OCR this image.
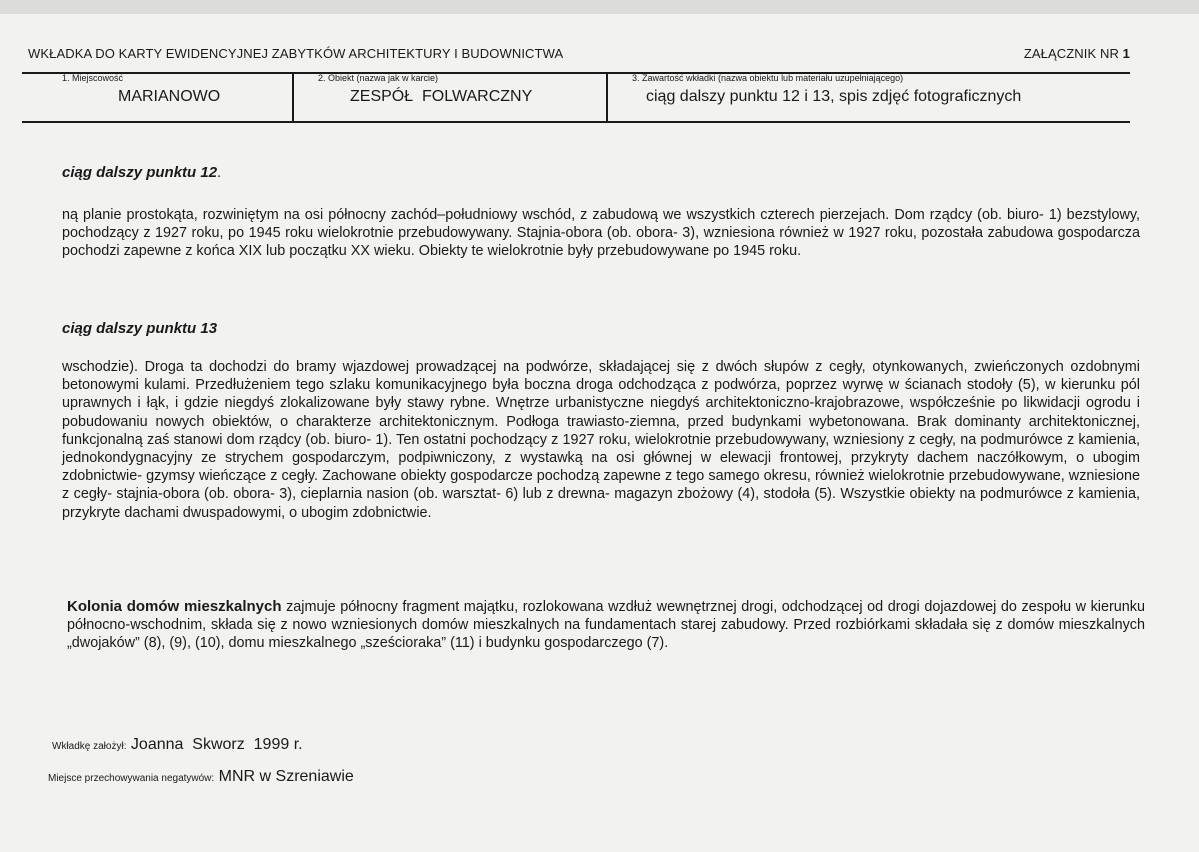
WKŁADKA DO KARTY EWIDENCYJNEJ ZABYTKÓW ARCHITEKTURY I BUDOWNICTWA	ZAŁĄCZNIK NR 1
1. Miejscowość
MARIANOWO
2. Obiekt (nazwa jak w karcie)
ZESPÓŁ  FOLWARCZNY
3. Zawartość wkładki (nazwa obiektu lub materiału uzupełniającego)
ciąg dalszy punktu 12 i 13, spis zdjęć fotograficznych
ciąg dalszy punktu 12.
ną planie prostokąta, rozwiniętym na osi północny zachód–południowy wschód, z zabudową we wszystkich czterech pierzejach. Dom rządcy (ob. biuro- 1) bezstylowy, pochodzący z 1927 roku, po 1945 roku wielokrotnie przebudowywany. Stajnia-obora (ob. obora- 3), wzniesiona również w 1927 roku, pozostała zabudowa gospodarcza pochodzi zapewne z końca XIX lub początku XX wieku. Obiekty te wielokrotnie były przebudowywane po 1945 roku.
ciąg dalszy punktu 13
wschodzie). Droga ta dochodzi do bramy wjazdowej prowadzącej na podwórze, składającej się z dwóch słupów z cegły, otynkowanych, zwieńczonych ozdobnymi betonowymi kulami. Przedłużeniem tego szlaku komunikacyjnego była boczna droga odchodząca z podwórza, poprzez wyrwę w ścianach stodoły (5), w kierunku pól uprawnych i łąk, i gdzie niegdyś zlokalizowane były stawy rybne. Wnętrze urbanistyczne niegdyś architektoniczno-krajobrazowe, współcześnie po likwidacji ogrodu i pobudowaniu nowych obiektów, o charakterze architektonicznym. Podłoga trawiasto-ziemna, przed budynkami wybetonowana. Brak dominanty architektonicznej, funkcjonalną zaś stanowi dom rządcy (ob. biuro- 1). Ten ostatni pochodzący z 1927 roku, wielokrotnie przebudowywany, wzniesiony z cegły, na podmurówce z kamienia, jednokondygnacyjny ze strychem gospodarczym, podpiwniczony, z wystawką na osi głównej w elewacji frontowej, przykryty dachem naczółkowym, o ubogim zdobnictwie- gzymsy wieńczące z cegły. Zachowane obiekty gospodarcze pochodzą zapewne z tego samego okresu, również wielokrotnie przebudowywane, wzniesione z cegły- stajnia-obora (ob. obora- 3), cieplarnia nasion (ob. warsztat- 6) lub z drewna- magazyn zbożowy (4), stodoła (5). Wszystkie obiekty na podmurówce z kamienia, przykryte dachami dwuspadowymi, o ubogim zdobnictwie.
Kolonia domów mieszkalnych zajmuje północny fragment majątku, rozlokowana wzdłuż wewnętrznej drogi, odchodzącej od drogi dojazdowej do zespołu w kierunku północno-wschodnim, składa się z nowo wzniesionych domów mieszkalnych na fundamentach starej zabudowy. Przed rozbiórkami składała się z domów mieszkalnych „dwojaków” (8), (9), (10), domu mieszkalnego „sześcioraka” (11) i budynku gospodarczego (7).
Wkładkę założył: Joanna  Skworz  1999 r.
Miejsce przechowywania negatywów: MNR w Szreniawie
